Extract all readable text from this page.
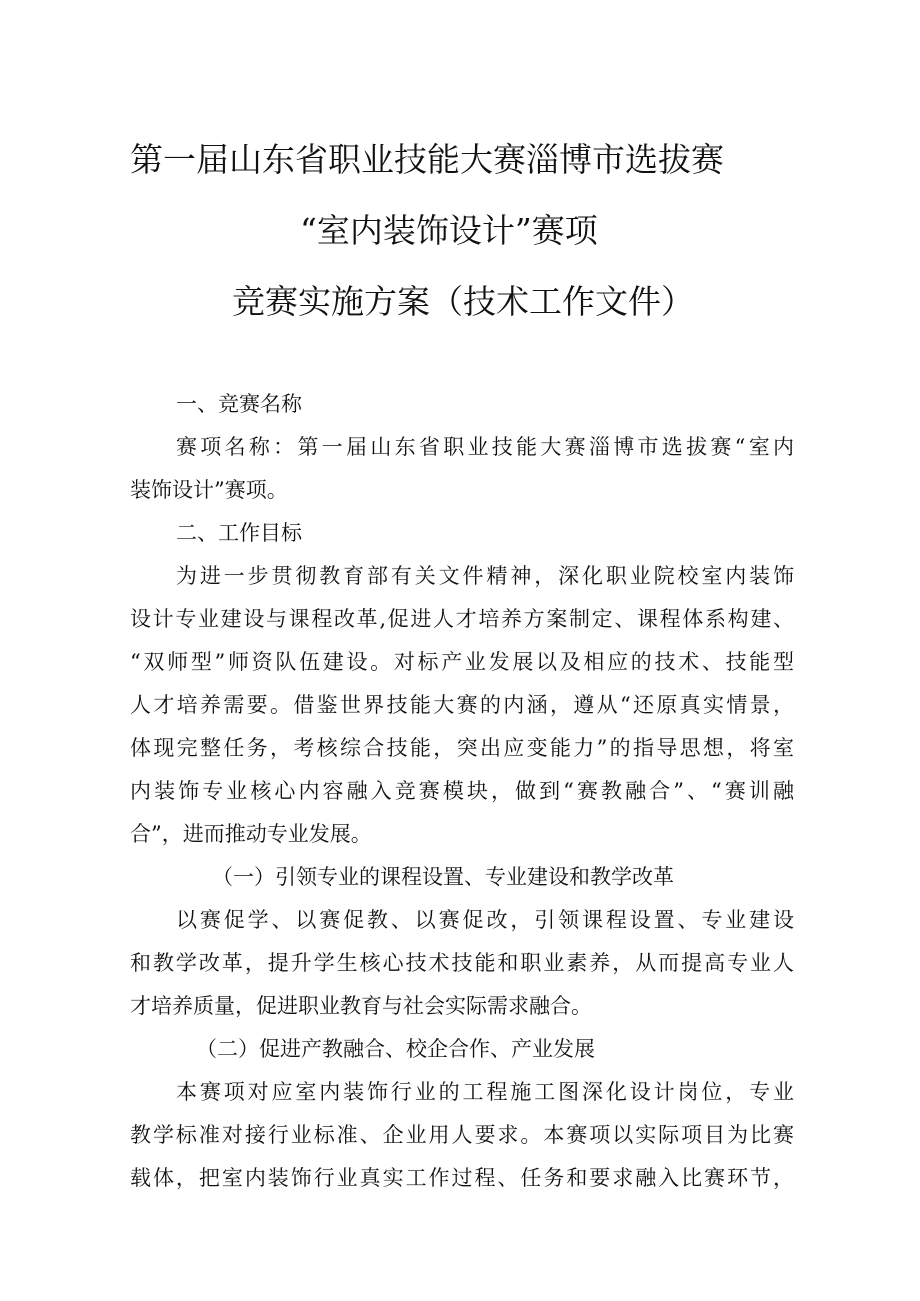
第一届山东省职业技能大赛淄博市选拔赛
“室内装饰设计”赛项
竞赛实施方案（技术工作文件）
一、竞赛名称
赛项名称：第一届山东省职业技能大赛淄博市选拔赛“室内
装饰设计”赛项。
二、工作目标
为进一步贯彻教育部有关文件精神，深化职业院校室内装饰
设计专业建设与课程改革,促进人才培养方案制定、课程体系构建、
“双师型”师资队伍建设。对标产业发展以及相应的技术、技能型
人才培养需要。借鉴世界技能大赛的内涵，遵从“还原真实情景，
体现完整任务，考核综合技能，突出应变能力”的指导思想，将室
内装饰专业核心内容融入竞赛模块，做到“赛教融合”、“赛训融
合”，进而推动专业发展。
（一）引领专业的课程设置、专业建设和教学改革
以赛促学、以赛促教、以赛促改，引领课程设置、专业建设
和教学改革，提升学生核心技术技能和职业素养，从而提高专业人
才培养质量，促进职业教育与社会实际需求融合。
（二）促进产教融合、校企合作、产业发展
本赛项对应室内装饰行业的工程施工图深化设计岗位，专业
教学标准对接行业标准、企业用人要求。本赛项以实际项目为比赛
载体，把室内装饰行业真实工作过程、任务和要求融入比赛环节，
